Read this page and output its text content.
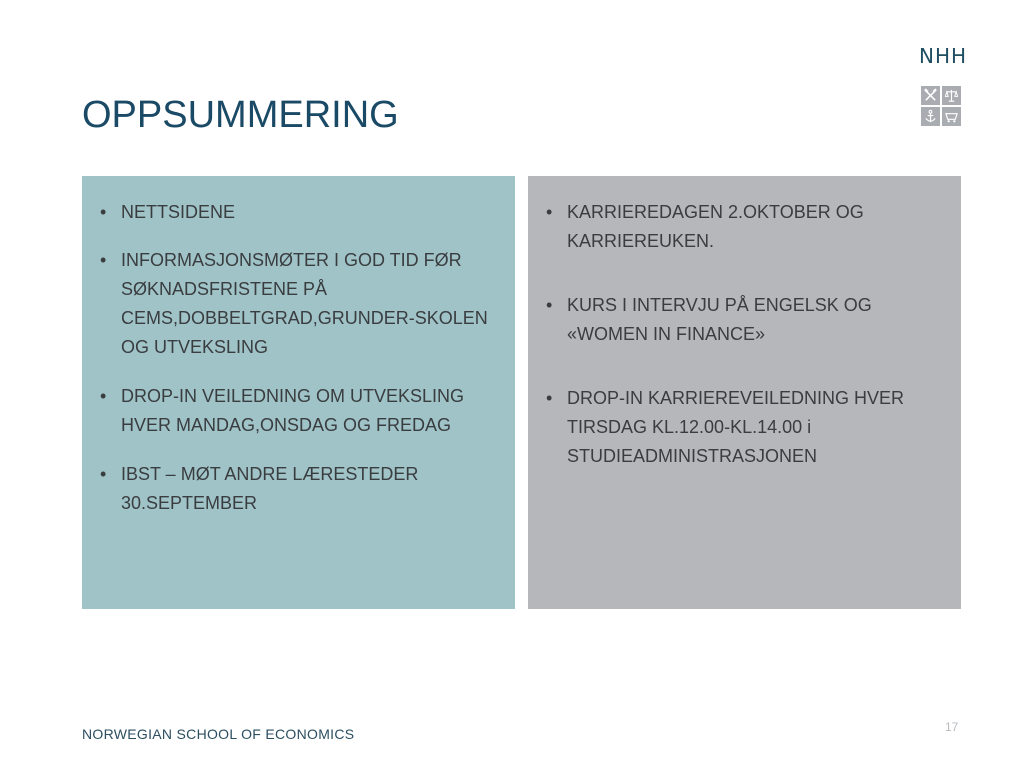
NHH
OPPSUMMERING
• NETTSIDENE
• INFORMASJONSMØTER I GOD TID FØR SØKNADSFRISTENE PÅ CEMS,DOBBELTGRAD,GRUNDER-SKOLEN OG UTVEKSLING
• DROP-IN VEILEDNING OM UTVEKSLING HVER MANDAG,ONSDAG OG FREDAG
• IBST – MØT ANDRE LÆRESTEDER 30.SEPTEMBER
• KARRIEREDAGEN 2.OKTOBER OG KARRIEREUKEN.
• KURS I INTERVJU PÅ ENGELSK OG «WOMEN IN FINANCE»
• DROP-IN KARRIEREVEILEDNING HVER TIRSDAG KL.12.00-KL.14.00 i STUDIEADMINISTRASJONEN
NORWEGIAN SCHOOL OF ECONOMICS	17
